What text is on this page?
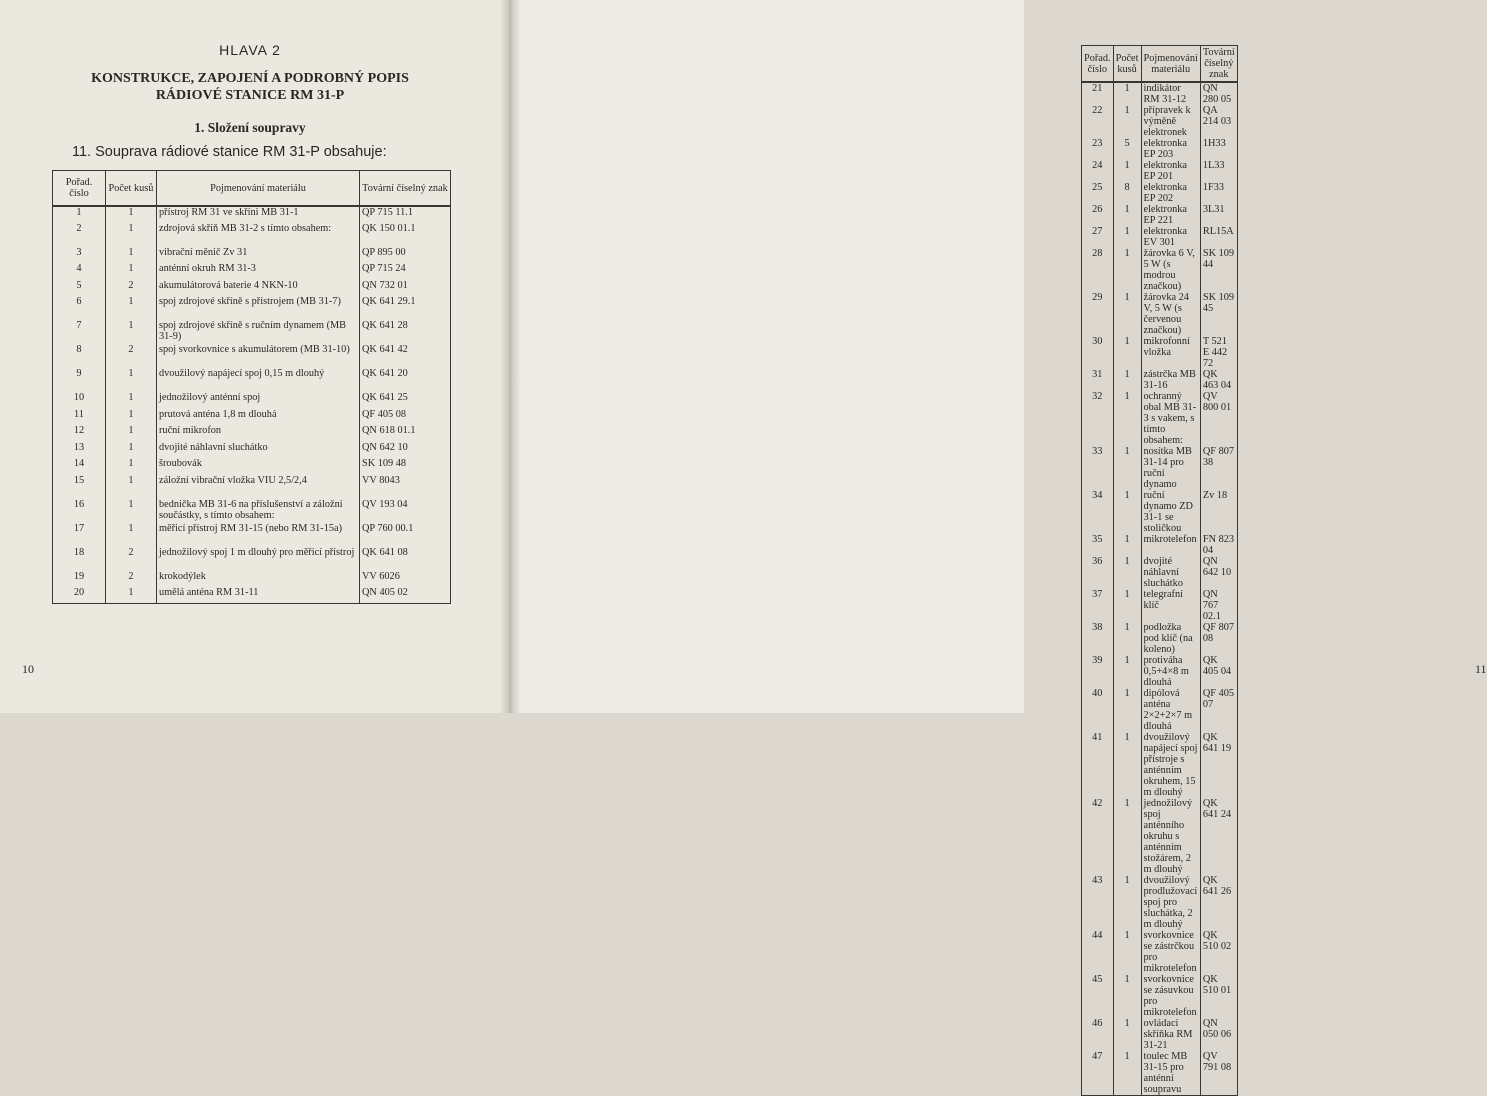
HLAVA 2
KONSTRUKCE, ZAPOJENÍ A PODROBNÝ POPIS
RÁDIOVÉ STANICE RM 31-P
1. Složení soupravy
11. Souprava rádiové stanice RM 31-P obsahuje:
Pořad. číslo	Počet kusů	Pojmenování materiálu	Tovární číselný znak
1	1	přístroj RM 31 ve skříni MB 31-1	QP 715 11.1
2	1	zdrojová skříň MB 31-2 s tímto obsahem:	QK 150 01.1
3	1	vibrační měnič Zv 31	QP 895 00
4	1	anténní okruh RM 31-3	QP 715 24
5	2	akumulátorová baterie 4 NKN-10	QN 732 01
6	1	spoj zdrojové skříně s přístrojem (MB 31-7)	QK 641 29.1
7	1	spoj zdrojové skříně s ručním dynamem (MB 31-9)	QK 641 28
8	2	spoj svorkovnice s akumulátorem (MB 31-10)	QK 641 42
9	1	dvoužilový napájecí spoj 0,15 m dlouhý	QK 641 20
10	1	jednožilový anténní spoj	QK 641 25
11	1	prutová anténa 1,8 m dlouhá	QF 405 08
12	1	ruční mikrofon	QN 618 01.1
13	1	dvojité náhlavní sluchátko	QN 642 10
14	1	šroubovák	SK 109 48
15	1	záložní vibrační vložka VIU 2,5/2,4	VV 8043
16	1	bednička MB 31-6 na příslušenství a záložní součástky, s tímto obsahem:	QV 193 04
17	1	měřicí přístroj RM 31-15 (nebo RM 31-15a)	QP 760 00.1
18	2	jednožilový spoj 1 m dlouhý pro měřicí přístroj	QK 641 08
19	2	krokodýlek	VV 6026
20	1	umělá anténa RM 31-11	QN 405 02
10
Pořad. číslo	Počet kusů	Pojmenování materiálu	Tovární číselný znak
21	1	indikátor RM 31-12	QN 280 05
22	1	přípravek k výměně elektronek	QA 214 03
23	5	elektronka EP 203	1H33
24	1	elektronka EP 201	1L33
25	8	elektronka EP 202	1F33
26	1	elektronka EP 221	3L31
27	1	elektronka EV 301	RL15A
28	1	žárovka 6 V, 5 W (s modrou značkou)	SK 109 44
29	1	žárovka 24 V, 5 W (s červenou značkou)	SK 109 45
30	1	mikrofonní vložka	T 521 E 442 72
31	1	zástrčka MB 31-16	QK 463 04
32	1	ochranný obal MB 31-3 s vakem, s tímto obsahem:	QV 800 01
33	1	nosítka MB 31-14 pro ruční dynamo	QF 807 38
34	1	ruční dynamo ZD 31-1 se stoličkou	Zv 18
35	1	mikrotelefon	FN 823 04
36	1	dvojité náhlavní sluchátko	QN 642 10
37	1	telegrafní klíč	QN 767 02.1
38	1	podložka pod klíč (na koleno)	QF 807 08
39	1	protiváha 0,5+4×8 m dlouhá	QK 405 04
40	1	dipólová anténa 2×2+2×7 m dlouhá	QF 405 07
41	1	dvoužilový napájecí spoj přístroje s anténním okruhem, 15 m dlouhý	QK 641 19
42	1	jednožilový spoj anténního okruhu s anténním stožárem, 2 m dlouhý	QK 641 24
43	1	dvoužilový prodlužovací spoj pro sluchátka, 2 m dlouhý	QK 641 26
44	1	svorkovnice se zástrčkou pro mikrotelefon	QK 510 02
45	1	svorkovnice se zásuvkou pro mikrotelefon	QK 510 01
46	1	ovládací skříňka RM 31-21	QN 050 06
47	1	toulec MB 31-15 pro anténní soupravu	QV 791 08
11
